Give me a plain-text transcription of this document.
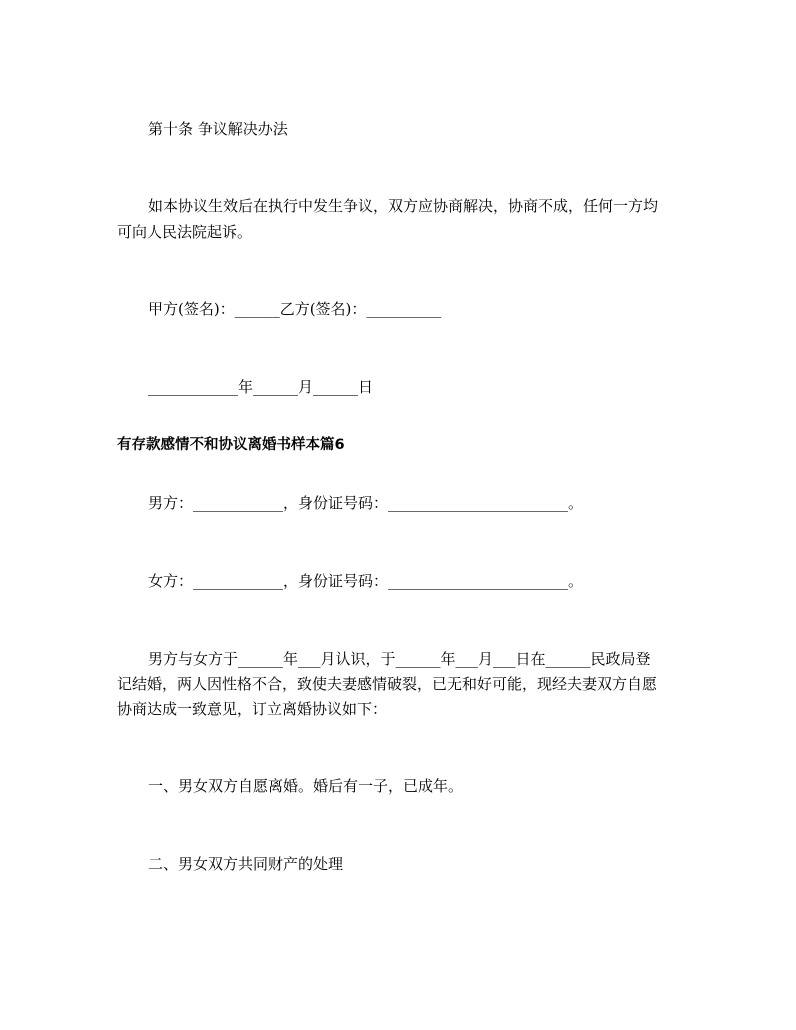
第十条 争议解决办法
如本协议生效后在执行中发生争议，双方应协商解决，协商不成，任何一方均
可向人民法院起诉。
甲方(签名)：______乙方(签名)：__________
____________年______月______日
有存款感情不和协议离婚书样本篇6
男方：____________，身份证号码：________________________。
女方：____________，身份证号码：________________________。
男方与女方于______年___月认识，于______年___月___日在______民政局登
记结婚，两人因性格不合，致使夫妻感情破裂，已无和好可能，现经夫妻双方自愿
协商达成一致意见，订立离婚协议如下：
一、男女双方自愿离婚。婚后有一子，已成年。
二、男女双方共同财产的处理
